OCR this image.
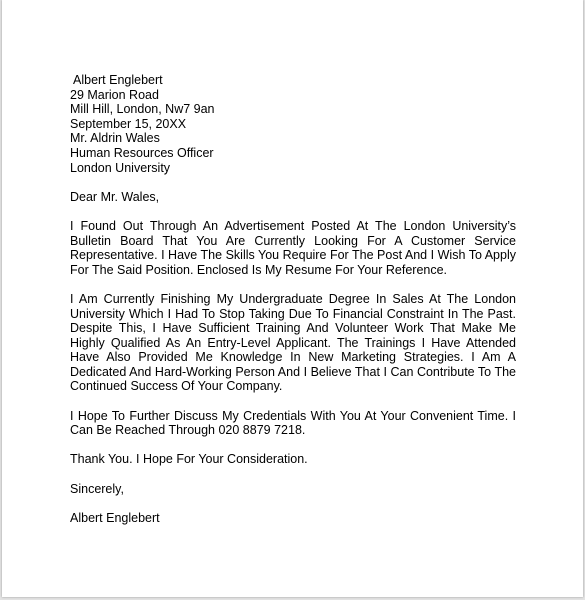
Albert Englebert
29 Marion Road
Mill Hill, London, Nw7 9an
September 15, 20XX
Mr. Aldrin Wales
Human Resources Officer
London University
Dear Mr. Wales,

I Found Out Through An Advertisement Posted At The London University’s Bulletin Board That You Are Currently Looking For A Customer Service Representative. I Have The Skills You Require For The Post And I Wish To Apply For The Said Position. Enclosed Is My Resume For Your Reference.

I Am Currently Finishing My Undergraduate Degree In Sales At The London University Which I Had To Stop Taking Due To Financial Constraint In The Past. Despite This, I Have Sufficient Training And Volunteer Work That Make Me Highly Qualified As An Entry-Level Applicant. The Trainings I Have Attended Have Also Provided Me Knowledge In New Marketing Strategies. I Am A Dedicated And Hard-Working Person And I Believe That I Can Contribute To The Continued Success Of Your Company.

I Hope To Further Discuss My Credentials With You At Your Convenient Time. I Can Be Reached Through 020 8879 7218.

Thank You. I Hope For Your Consideration.

Sincerely,
Albert Englebert
